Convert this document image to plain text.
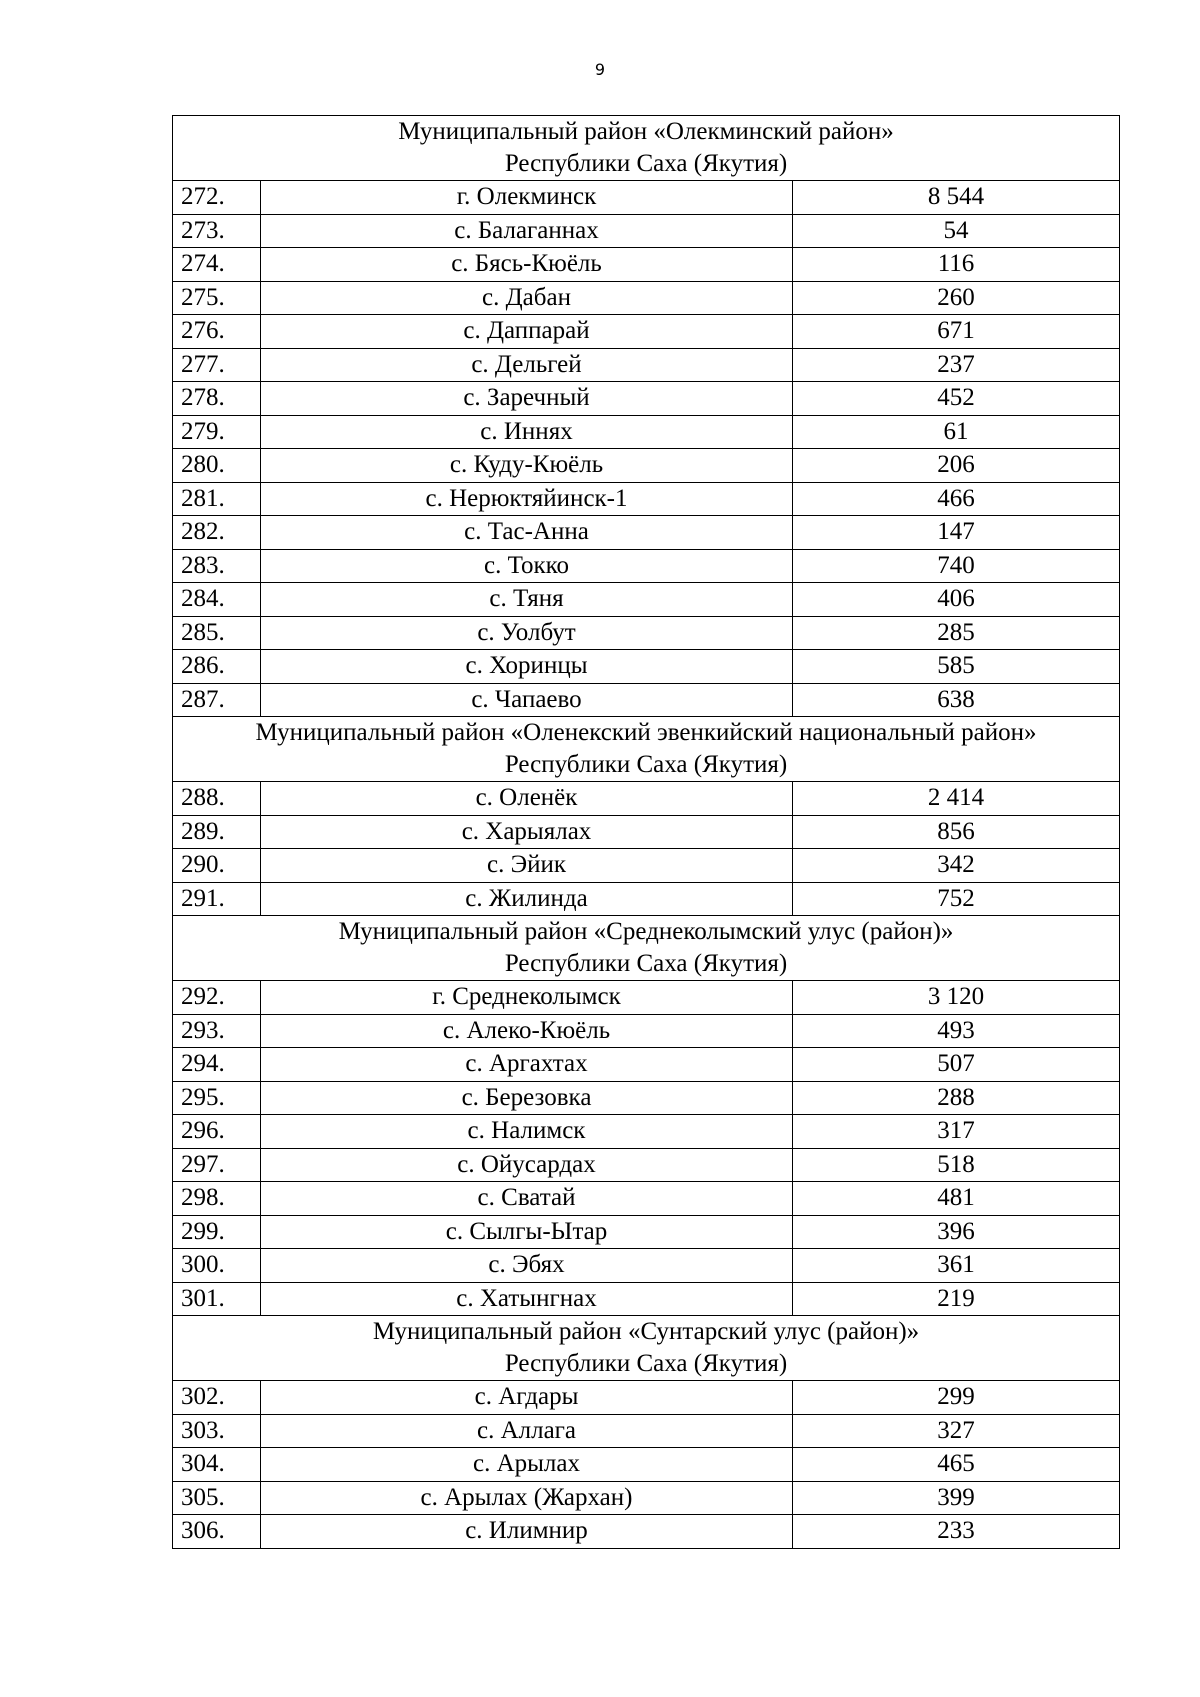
9
Муниципальный район «Олекминский район»
Республики Саха (Якутия)		

272.	г. Олекминск	8 544
273.	с. Балаганнах	54
274.	с. Бясь-Кюёль	116
275.	с. Дабан	260
276.	с. Даппарай	671
277.	с. Дельгей	237
278.	с. Заречный	452
279.	с. Иннях	61
280.	с. Куду-Кюёль	206
281.	с. Нерюктяйинск-1	466
282.	с. Тас-Анна	147
283.	с. Токко	740
284.	с. Тяня	406
285.	с. Уолбут	285
286.	с. Хоринцы	585
287.	с. Чапаево	638

Муниципальный район «Оленекский эвенкийский национальный район»
Республики Саха (Якутия)		

288.	с. Оленёк	2 414
289.	с. Харыялах	856
290.	с. Эйик	342
291.	с. Жилинда	752

Муниципальный район «Среднеколымский улус (район)»
Республики Саха (Якутия)		

292.	г. Среднеколымск	3 120
293.	с. Алеко-Кюёль	493
294.	с. Аргахтах	507
295.	с. Березовка	288
296.	с. Налимск	317
297.	с. Ойусардах	518
298.	с. Сватай	481
299.	с. Сылгы-Ытар	396
300.	с. Эбях	361
301.	с. Хатынгнах	219

Муниципальный район «Сунтарский улус (район)»
Республики Саха (Якутия)		

302.	с. Агдары	299
303.	с. Аллага	327
304.	с. Арылах	465
305.	с. Арылах (Жархан)	399
306.	с. Илимнир	233
